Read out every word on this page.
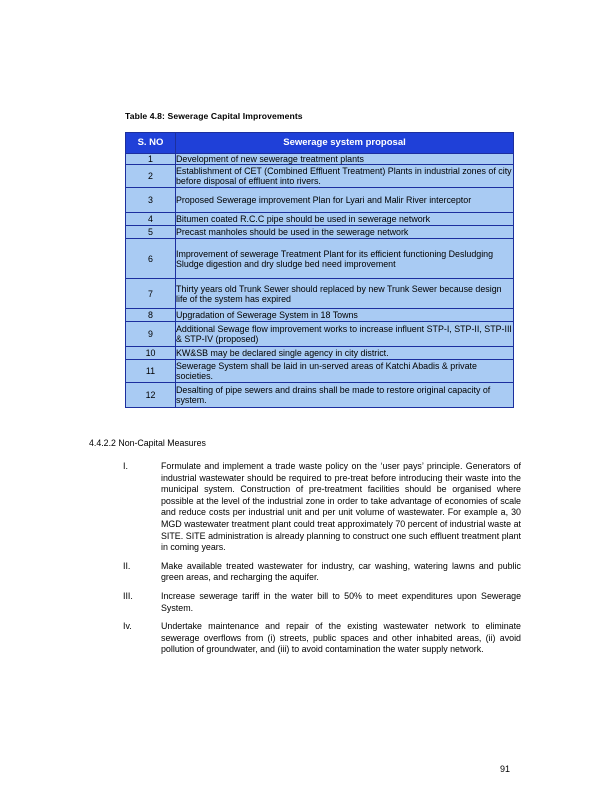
Table 4.8: Sewerage Capital Improvements
S. NO	Sewerage system proposal
1	Development of new sewerage treatment plants
2	Establishment of CET (Combined Effluent Treatment) Plants in industrial zones of city before disposal of effluent into rivers.
3	Proposed Sewerage improvement Plan for Lyari and Malir River interceptor
4	Bitumen coated R.C.C pipe should be used in sewerage network
5	Precast manholes should be used in the sewerage network
6	Improvement of sewerage Treatment Plant for its efficient functioning Desludging Sludge digestion and dry sludge bed need improvement
7	Thirty years old Trunk Sewer should replaced by new Trunk Sewer because design life of the system has expired
8	Upgradation of Sewerage System in 18 Towns
9	Additional Sewage flow improvement works to increase influent STP-I, STP-II, STP-III & STP-IV (proposed)
10	KW&SB may be declared single agency in city district.
11	Sewerage System shall be laid in un-served areas of Katchi Abadis & private societies.
12	Desalting of pipe sewers and drains shall be made to restore original capacity of system.
4.4.2.2 Non-Capital Measures
I.	Formulate and implement a trade waste policy on the ‘user pays’ principle. Generators of industrial wastewater should be required to pre-treat before introducing their waste into the municipal system. Construction of pre-treatment facilities should be organised where possible at the level of the industrial zone in order to take advantage of economies of scale and reduce costs per industrial unit and per unit volume of wastewater. For example a, 30 MGD wastewater treatment plant could treat approximately 70 percent of industrial waste at SITE. SITE administration is already planning to construct one such effluent treatment plant in coming years.
II.	Make available treated wastewater for industry, car washing, watering lawns and public green areas, and recharging the aquifer.
III.	Increase sewerage tariff in the water bill to 50% to meet expenditures upon Sewerage System.
Iv.	Undertake maintenance and repair of the existing wastewater network to eliminate sewerage overflows from (i) streets, public spaces and other inhabited areas, (ii) avoid pollution of groundwater, and (iii) to avoid contamination the water supply network.
91
